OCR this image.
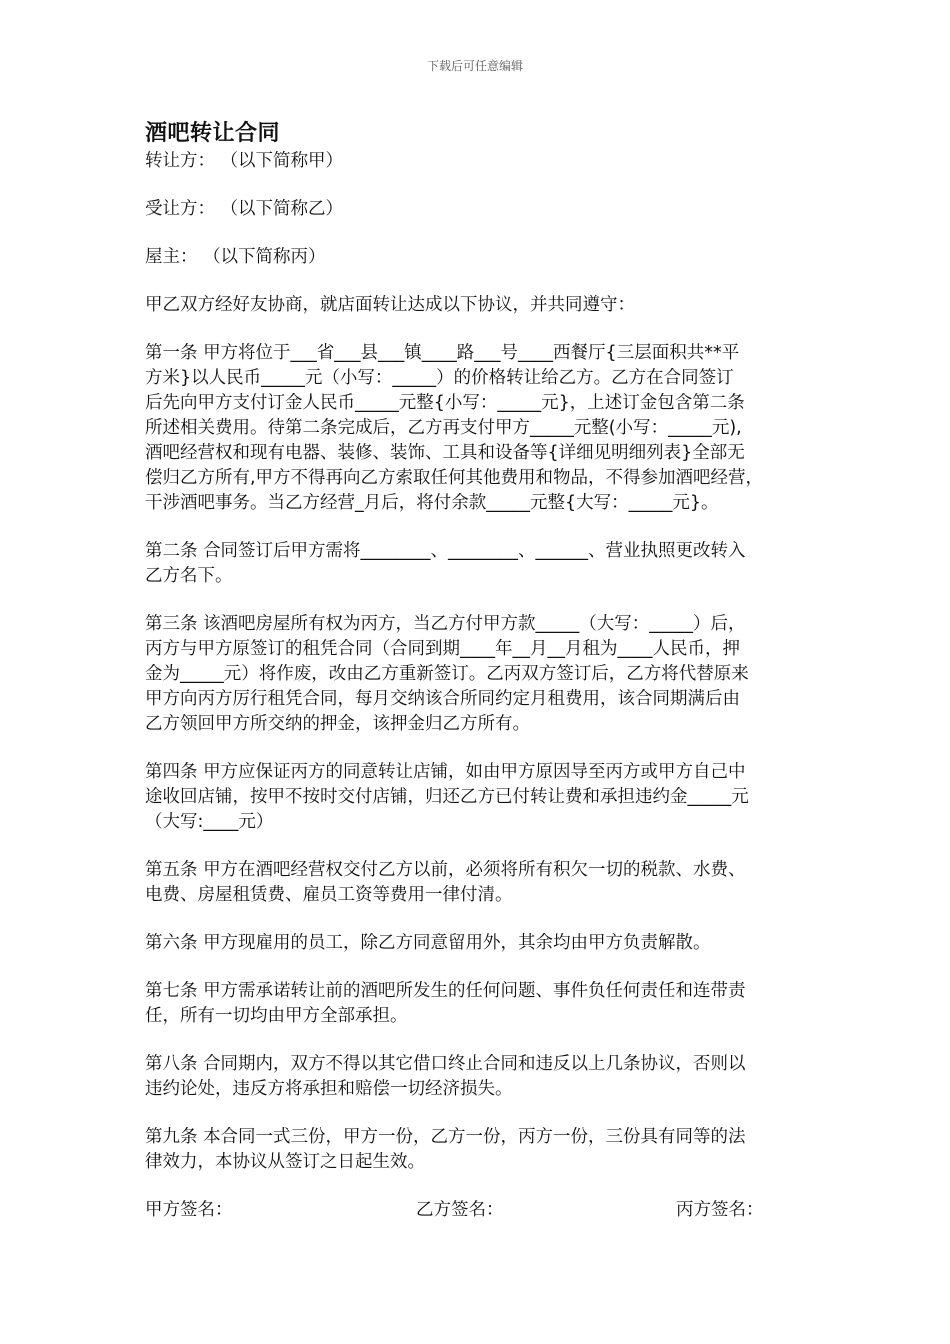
下载后可任意编辑
酒吧转让合同

转让方： （以下简称甲）

受让方： （以下简称乙）

屋主： （以下简称丙）

甲乙双方经好友协商，就店面转让达成以下协议，并共同遵守：

第一条 甲方将位于___省___县___镇____路___号____西餐厅{三层面积共**平
方米}以人民币_____元（小写：_____）的价格转让给乙方。乙方在合同签订
后先向甲方支付订金人民币_____元整{小写：_____元}，上述订金包含第二条
所述相关费用。待第二条完成后，乙方再支付甲方_____元整(小写：_____元),
酒吧经营权和现有电器、装修、装饰、工具和设备等{详细见明细列表}全部无
偿归乙方所有,甲方不得再向乙方索取任何其他费用和物品，不得参加酒吧经营，
干涉酒吧事务。当乙方经营_月后，将付余款_____元整{大写：_____元}。
第二条 合同签订后甲方需将________、________、______、营业执照更改转入
乙方名下。
第三条 该酒吧房屋所有权为丙方，当乙方付甲方款_____（大写：_____）后，
丙方与甲方原签订的租凭合同（合同到期____年__月__月租为____人民币，押
金为_____元）将作废，改由乙方重新签订。乙丙双方签订后，乙方将代替原来
甲方向丙方厉行租凭合同，每月交纳该合所同约定月租费用，该合同期满后由
乙方领回甲方所交纳的押金，该押金归乙方所有。
第四条 甲方应保证丙方的同意转让店铺，如由甲方原因导至丙方或甲方自己中
途收回店铺，按甲不按时交付店铺，归还乙方已付转让费和承担违约金_____元
（大写:____元）
第五条 甲方在酒吧经营权交付乙方以前，必须将所有积欠一切的税款、水费、
电费、房屋租赁费、雇员工资等费用一律付清。
第六条 甲方现雇用的员工，除乙方同意留用外，其余均由甲方负责解散。
第七条 甲方需承诺转让前的酒吧所发生的任何问题、事件负任何责任和连带责
任，所有一切均由甲方全部承担。
第八条 合同期内，双方不得以其它借口终止合同和违反以上几条协议，否则以
违约论处，违反方将承担和赔偿一切经济损失。
第九条 本合同一式三份，甲方一份，乙方一份，丙方一份，三份具有同等的法
律效力，本协议从签订之日起生效。
甲方签名：	乙方签名：	丙方签名：
